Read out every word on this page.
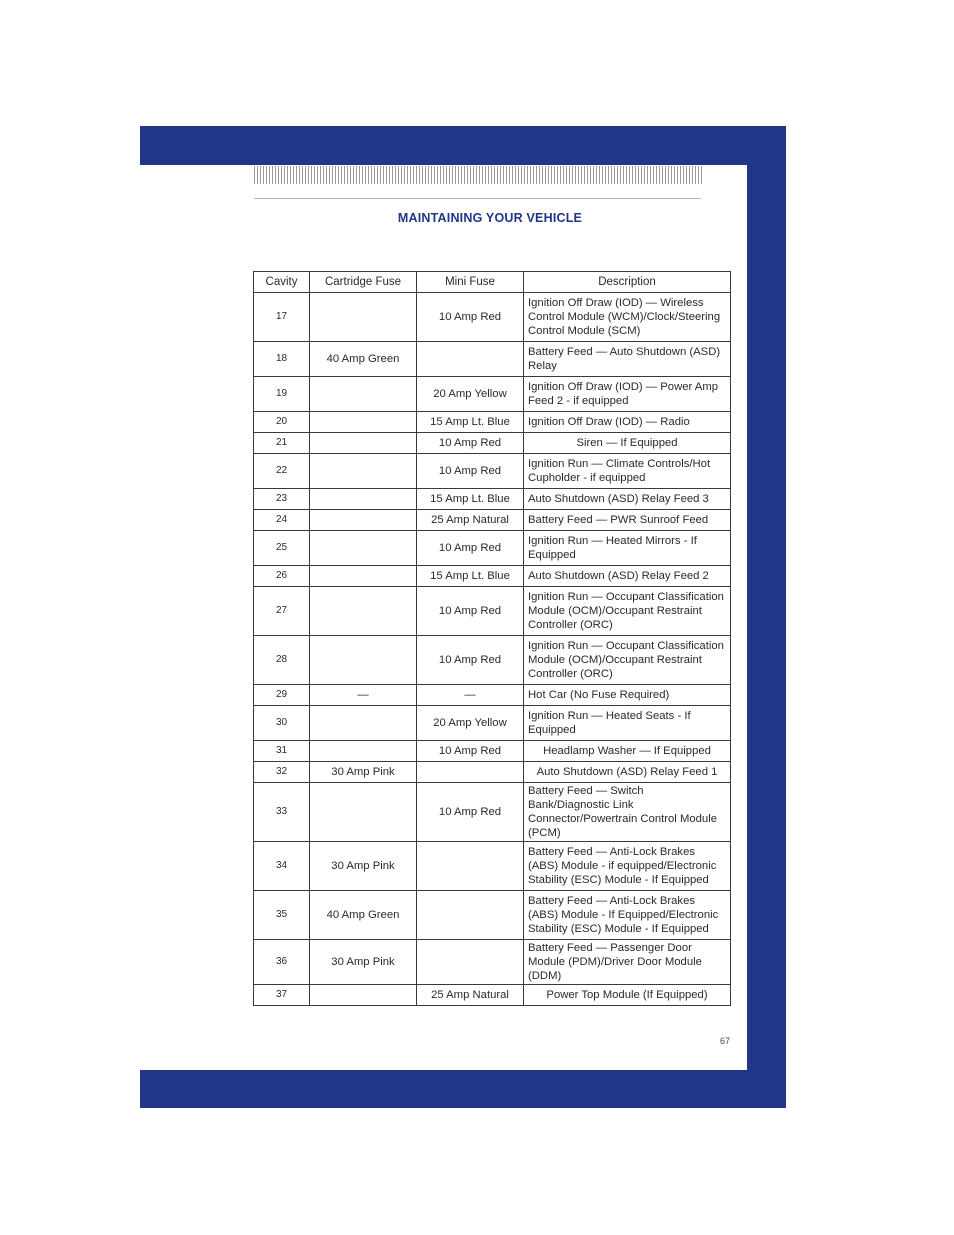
MAINTAINING YOUR VEHICLE
Cavity	Cartridge Fuse	Mini Fuse	Description
17		10 Amp Red	Ignition Off Draw (IOD) — Wireless Control Module (WCM)/Clock/Steering Control Module (SCM)
18	40 Amp Green		Battery Feed — Auto Shutdown (ASD) Relay
19		20 Amp Yellow	Ignition Off Draw (IOD) — Power Amp Feed 2 - if equipped
20		15 Amp Lt. Blue	Ignition Off Draw (IOD) — Radio
21		10 Amp Red	Siren — If Equipped
22		10 Amp Red	Ignition Run — Climate Controls/Hot Cupholder - if equipped
23		15 Amp Lt. Blue	Auto Shutdown (ASD) Relay Feed 3
24		25 Amp Natural	Battery Feed — PWR Sunroof Feed
25		10 Amp Red	Ignition Run — Heated Mirrors - If Equipped
26		15 Amp Lt. Blue	Auto Shutdown (ASD) Relay Feed 2
27		10 Amp Red	Ignition Run — Occupant Classification Module (OCM)/Occupant Restraint Controller (ORC)
28		10 Amp Red	Ignition Run — Occupant Classification Module (OCM)/Occupant Restraint Controller (ORC)
29	—	—	Hot Car (No Fuse Required)
30		20 Amp Yellow	Ignition Run — Heated Seats - If Equipped
31		10 Amp Red	Headlamp Washer — If Equipped
32	30 Amp Pink		Auto Shutdown (ASD) Relay Feed 1
33		10 Amp Red	Battery Feed — Switch Bank/Diagnostic Link Connector/Powertrain Control Module (PCM)
34	30 Amp Pink		Battery Feed — Anti-Lock Brakes (ABS) Module - if equipped/Electronic Stability (ESC) Module - If Equipped
35	40 Amp Green		Battery Feed — Anti-Lock Brakes (ABS) Module - If Equipped/Electronic Stability (ESC) Module - If Equipped
36	30 Amp Pink		Battery Feed — Passenger Door Module (PDM)/Driver Door Module (DDM)
37		25 Amp Natural	Power Top Module (If Equipped)
67
